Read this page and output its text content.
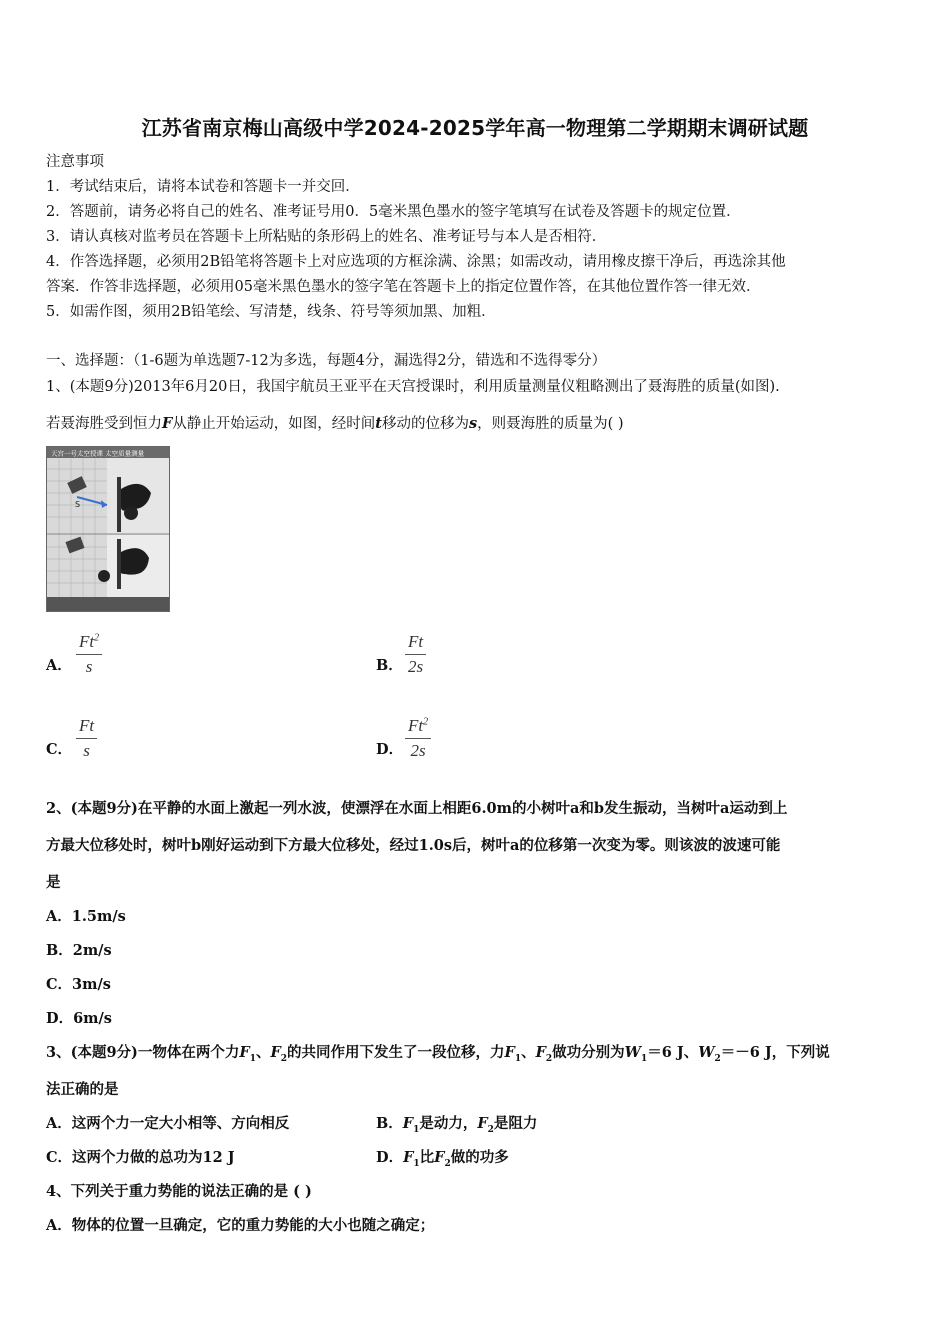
江苏省南京梅山高级中学2024-2025学年高一物理第二学期期末调研试题
注意事项
1．考试结束后，请将本试卷和答题卡一并交回．
2．答题前，请务必将自己的姓名、准考证号用0．5毫米黑色墨水的签字笔填写在试卷及答题卡的规定位置．
3．请认真核对监考员在答题卡上所粘贴的条形码上的姓名、准考证号与本人是否相符．
4．作答选择题，必须用2B铅笔将答题卡上对应选项的方框涂满、涂黑；如需改动，请用橡皮擦干净后，再选涂其他
答案．作答非选择题，必须用05毫米黑色墨水的签字笔在答题卡上的指定位置作答，在其他位置作答一律无效．
5．如需作图，须用2B铅笔绘、写清楚，线条、符号等须加黑、加粗．
一、选择题：（1-6题为单选题7-12为多选，每题4分，漏选得2分，错选和不选得零分）
1、(本题9分)2013年6月20日，我国宇航员王亚平在天宫授课时，利用质量测量仪粗略测出了聂海胜的质量(如图).
若聂海胜受到恒力F从静止开始运动，如图，经时间t移动的位移为s，则聂海胜的质量为( )
天宫一号太空授课 太空质量测量
S
A．
Ft$^2$
s	B．
Ft
2s
C．
Ft
s	D．
Ft$^2$
2s
2、(本题9分)在平静的水面上激起一列水波，使漂浮在水面上相距6.0m的小树叶a和b发生振动，当树叶a运动到上
方最大位移处时，树叶b刚好运动到下方最大位移处，经过1.0s后，树叶a的位移第一次变为零。则该波的波速可能
是
A．1.5m/s
B．2m/s
C．3m/s
D．6m/s
3、(本题9分)一物体在两个力$F_1$、$F_2$的共同作用下发生了一段位移，力$F_1$、$F_2$做功分别为$W_1=6$ J、$W_2=-6$ J，下列说
法正确的是
A．这两个力一定大小相等、方向相反	B．$F_1$是动力，$F_2$是阻力
C．这两个力做的总功为12 J	D．$F_1$比$F_2$做的功多
4、下列关于重力势能的说法正确的是 ( )
A．物体的位置一旦确定，它的重力势能的大小也随之确定；
